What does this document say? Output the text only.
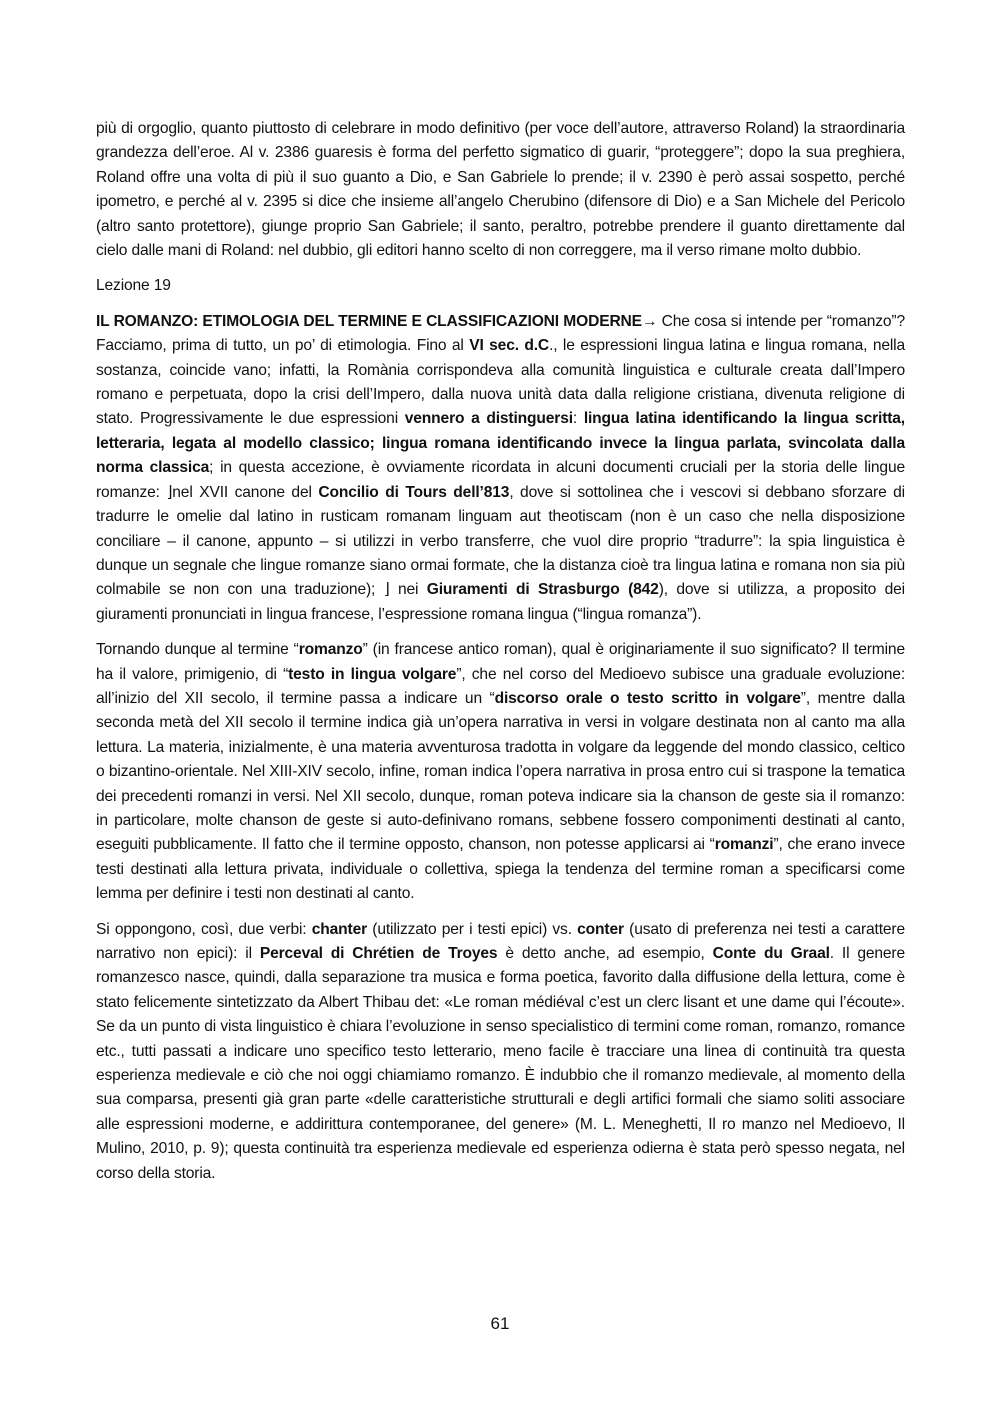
più di orgoglio, quanto piuttosto di celebrare in modo definitivo (per voce dell’autore, attraverso Roland) la straordinaria grandezza dell’eroe. Al v. 2386 guaresis è forma del perfetto sigmatico di guarir, “proteggere”; dopo la sua preghiera, Roland offre una volta di più il suo guanto a Dio, e San Gabriele lo prende; il v. 2390 è però assai sospetto, perché ipometro, e perché al v. 2395 si dice che insieme all’angelo Cherubino (difensore di Dio) e a San Michele del Pericolo (altro santo protettore), giunge proprio San Gabriele; il santo, peraltro, potrebbe prendere il guanto direttamente dal cielo dalle mani di Roland: nel dubbio, gli editori hanno scelto di non correggere, ma il verso rimane molto dubbio.

Lezione 19

IL ROMANZO: ETIMOLOGIA DEL TERMINE E CLASSIFICAZIONI MODERNE→ Che cosa si intende per “romanzo”? Facciamo, prima di tutto, un po’ di etimologia. Fino al VI sec. d.C., le espressioni lingua latina e lingua romana, nella sostanza, coincide vano; infatti, la Romània corrispondeva alla comunità linguistica e culturale creata dall’Impero romano e perpetuata, dopo la crisi dell’Impero, dalla nuova unità data dalla religione cristiana, divenuta religione di stato. Progressivamente le due espressioni vennero a distinguersi: lingua latina identificando la lingua scritta, letteraria, legata al modello classico; lingua romana identificando invece la lingua parlata, svincolata dalla norma classica; in questa accezione, è ovviamente ricordata in alcuni documenti cruciali per la storia delle lingue romanze: ⌋nel XVII canone del Concilio di Tours dell’813, dove si sottolinea che i vescovi si debbano sforzare di tradurre le omelie dal latino in rusticam romanam linguam aut theotiscam (non è un caso che nella disposizione conciliare – il canone, appunto – si utilizzi in verbo transferre, che vuol dire proprio “tradurre”: la spia linguistica è dunque un segnale che lingue romanze siano ormai formate, che la distanza cioè tra lingua latina e romana non sia più colmabile se non con una traduzione); ⌋ nei Giuramenti di Strasburgo (842), dove si utilizza, a proposito dei giuramenti pronunciati in lingua francese, l’espressione romana lingua (“lingua romanza”).

Tornando dunque al termine “romanzo” (in francese antico roman), qual è originariamente il suo significato? Il termine ha il valore, primigenio, di “testo in lingua volgare”, che nel corso del Medioevo subisce una graduale evoluzione: all’inizio del XII secolo, il termine passa a indicare un “discorso orale o testo scritto in volgare”, mentre dalla seconda metà del XII secolo il termine indica già un’opera narrativa in versi in volgare destinata non al canto ma alla lettura. La materia, inizialmente, è una materia avventurosa tradotta in volgare da leggende del mondo classico, celtico o bizantino-orientale. Nel XIII-XIV secolo, infine, roman indica l’opera narrativa in prosa entro cui si traspone la tematica dei precedenti romanzi in versi. Nel XII secolo, dunque, roman poteva indicare sia la chanson de geste sia il romanzo: in particolare, molte chanson de geste si auto-definivano romans, sebbene fossero componimenti destinati al canto, eseguiti pubblicamente. Il fatto che il termine opposto, chanson, non potesse applicarsi ai “romanzi”, che erano invece testi destinati alla lettura privata, individuale o collettiva, spiega la tendenza del termine roman a specificarsi come lemma per definire i testi non destinati al canto.

Si oppongono, così, due verbi: chanter (utilizzato per i testi epici) vs. conter (usato di preferenza nei testi a carattere narrativo non epici): il Perceval di Chrétien de Troyes è detto anche, ad esempio, Conte du Graal. Il genere romanzesco nasce, quindi, dalla separazione tra musica e forma poetica, favorito dalla diffusione della lettura, come è stato felicemente sintetizzato da Albert Thibau det: «Le roman médiéval c’est un clerc lisant et une dame qui l’écoute». Se da un punto di vista linguistico è chiara l’evoluzione in senso specialistico di termini come roman, romanzo, romance etc., tutti passati a indicare uno specifico testo letterario, meno facile è tracciare una linea di continuità tra questa esperienza medievale e ciò che noi oggi chiamiamo romanzo. È indubbio che il romanzo medievale, al momento della sua comparsa, presenti già gran parte «delle caratteristiche strutturali e degli artifici formali che siamo soliti associare alle espressioni moderne, e addirittura contemporanee, del genere» (M. L. Meneghetti, Il ro manzo nel Medioevo, Il Mulino, 2010, p. 9); questa continuità tra esperienza medievale ed esperienza odierna è stata però spesso negata, nel corso della storia.

61
